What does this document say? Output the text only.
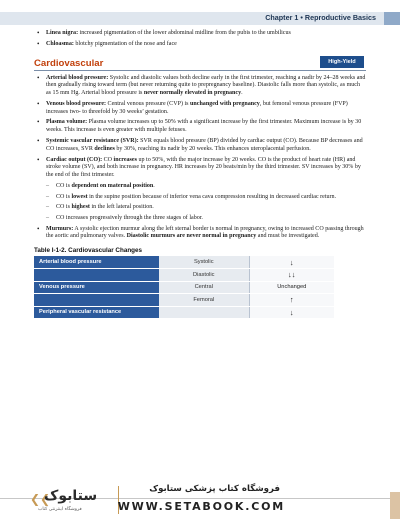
Chapter 1 • Reproductive Basics
• Linea nigra: increased pigmentation of the lower abdominal midline from the pubis to the umbilicus
• Chloasma: blotchy pigmentation of the nose and face
Cardiovascular	High-Yield
• Arterial blood pressure: Systolic and diastolic values both decline early in the first trimester, reaching a nadir by 24–28 weeks and then gradually rising toward term (but never returning quite to prepregnancy baseline). Diastolic falls more than systolic, as much as 15 mm Hg. Arterial blood pressure is never normally elevated in pregnancy.
• Venous blood pressure: Central venous pressure (CVP) is unchanged with pregnancy, but femoral venous pressure (FVP) increases two- to threefold by 30 weeks’ gestation.
• Plasma volume: Plasma volume increases up to 50% with a significant increase by the first trimester. Maximum increase is by 30 weeks. This increase is even greater with multiple fetuses.
• Systemic vascular resistance (SVR): SVR equals blood pressure (BP) divided by cardiac output (CO). Because BP decreases and CO increases, SVR declines by 30%, reaching its nadir by 20 weeks. This enhances uteroplacental perfusion.
• Cardiac output (CO): CO increases up to 50%, with the major increase by 20 weeks. CO is the product of heart rate (HR) and stroke volume (SV), and both increase in pregnancy. HR increases by 20 beats/min by the third trimester. SV increases by 30% by the end of the first trimester.
– CO is dependent on maternal position.
– CO is lowest in the supine position because of inferior vena cava compression resulting in decreased cardiac return.
– CO is highest in the left lateral position.
– CO increases progressively through the three stages of labor.
• Murmurs: A systolic ejection murmur along the left sternal border is normal in pregnancy, owing to increased CO passing through the aortic and pulmonary valves. Diastolic murmurs are never normal in pregnancy and must be investigated.
Table I-1-2. Cardiovascular Changes
Arterial blood pressure	Systolic	↓
	Diastolic	↓↓
Venous pressure	Central	Unchanged
	Femoral	↑
Peripheral vascular resistance		↓
❮❮
ستابوک
فروشگاه اینترنتی کتاب
فروشگاه کتاب پزشکی ستابوک
WWW.SETABOOK.COM
